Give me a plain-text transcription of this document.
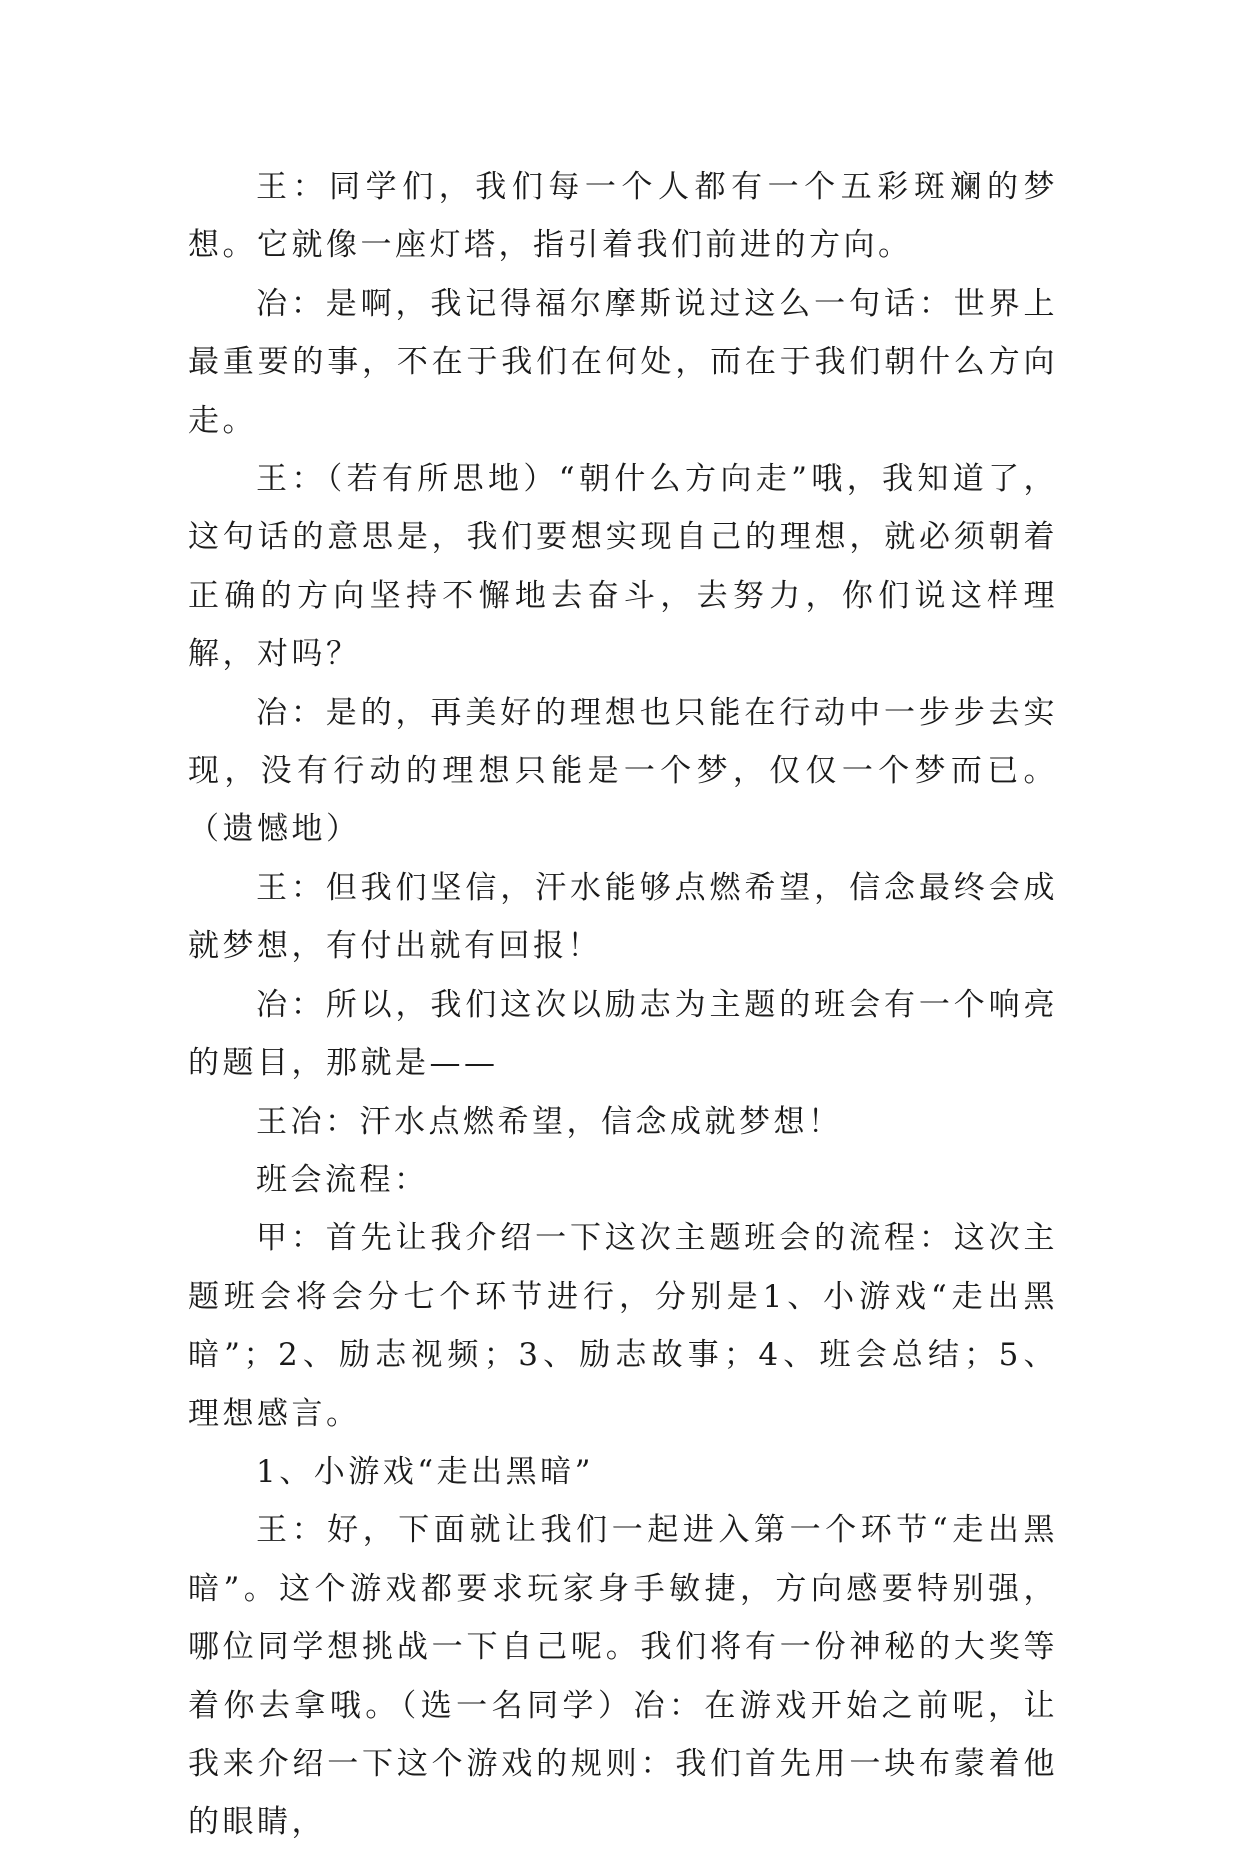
王：同学们，我们每一个人都有一个五彩斑斓的梦想。它就像一座灯塔，指引着我们前进的方向。

冶：是啊，我记得福尔摩斯说过这么一句话：世界上最重要的事，不在于我们在何处，而在于我们朝什么方向走。

王：（若有所思地）“朝什么方向走”哦，我知道了，这句话的意思是，我们要想实现自己的理想，就必须朝着正确的方向坚持不懈地去奋斗，去努力，你们说这样理解，对吗？

冶：是的，再美好的理想也只能在行动中一步步去实现，没有行动的理想只能是一个梦，仅仅一个梦而已。（遗憾地）

王：但我们坚信，汗水能够点燃希望，信念最终会成就梦想，有付出就有回报！

冶：所以，我们这次以励志为主题的班会有一个响亮的题目，那就是——

王冶：汗水点燃希望，信念成就梦想！

班会流程：

甲：首先让我介绍一下这次主题班会的流程：这次主题班会将会分七个环节进行，分别是1、小游戏“走出黑暗”；2、励志视频；3、励志故事；4、班会总结；5、理想感言。

1、小游戏“走出黑暗”

王：好，下面就让我们一起进入第一个环节“走出黑暗”。这个游戏都要求玩家身手敏捷，方向感要特别强，哪位同学想挑战一下自己呢。我们将有一份神秘的大奖等着你去拿哦。（选一名同学）冶：在游戏开始之前呢，让我来介绍一下这个游戏的规则：我们首先用一块布蒙着他的眼睛，
